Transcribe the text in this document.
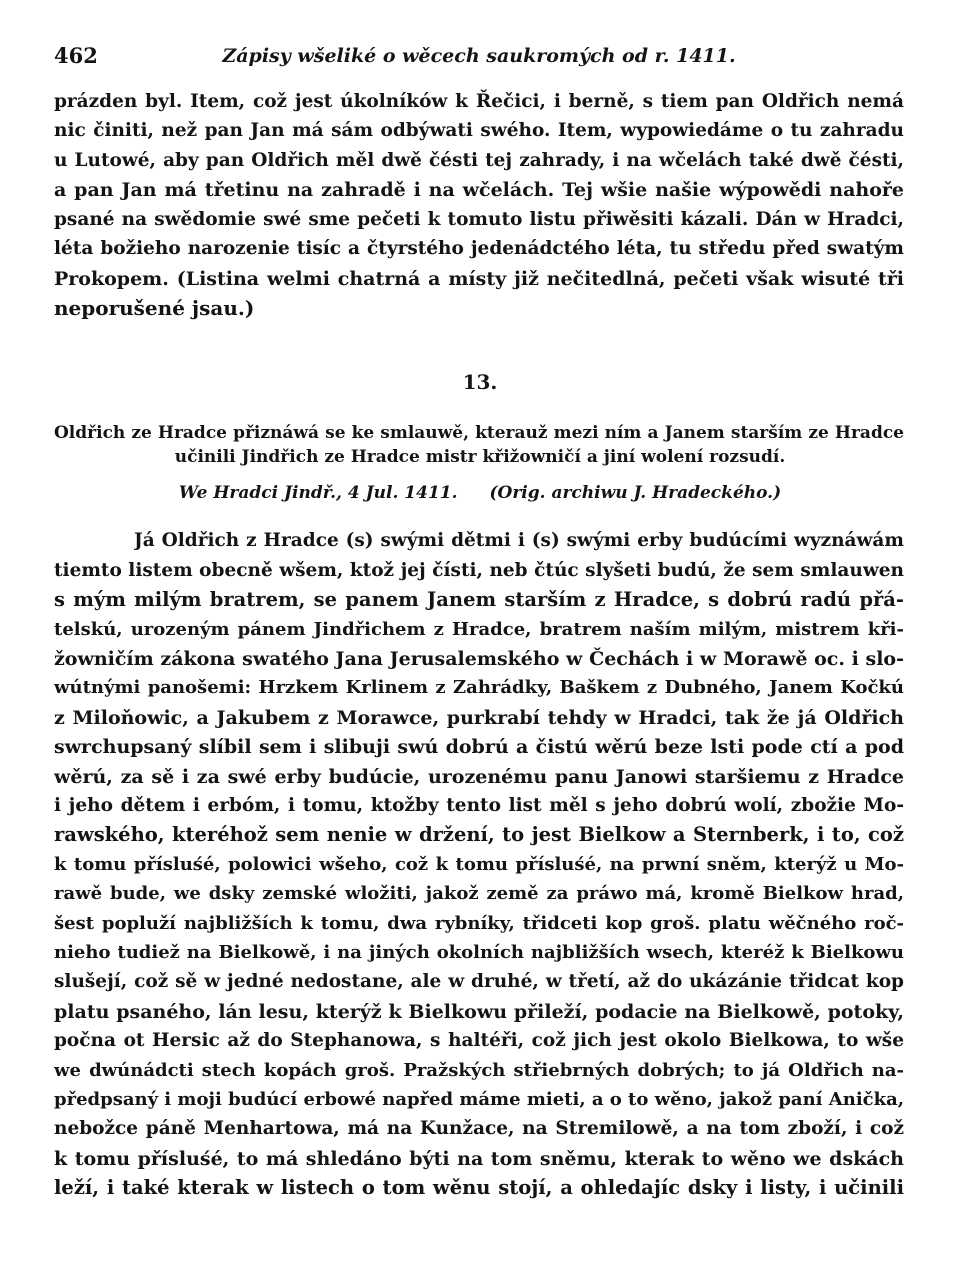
462	Zápisy wšeliké o wěcech saukromých od r. 1411.
prázden byl. Item, což jest úkolníków k Řečici, i berně, s tiem pan Oldřich nemá
nic činiti, než pan Jan má sám odbýwati swého. Item, wypowiedáme o tu zahradu
u Lutowé, aby pan Oldřich měl dwě čésti tej zahrady, i na wčelách také dwě čésti,
a pan Jan má třetinu na zahradě i na wčelách. Tej wšie našie wýpowědi nahoře
psané na swědomie swé sme pečeti k tomuto listu přiwěsiti kázali. Dán w Hradci,
léta božieho narozenie tisíc a čtyrstého jedenádctého léta, tu středu před swatým
Prokopem. (Listina welmi chatrná a místy již nečitedlná, pečeti však wisuté tři
neporušené jsau.)
13.
Oldřich ze Hradce přiznáwá se ke smlauwě, kterauž mezi ním a Janem starším ze Hradce
učinili Jindřich ze Hradce mistr křižowničí a jiní wolení rozsudí.
We Hradci Jindř., 4 Jul. 1411. (Orig. archiwu J. Hradeckého.)
Já Oldřich z Hradce (s) swými dětmi i (s) swými erby budúcími wyznáwám
tiemto listem obecně wšem, ktož jej čísti, neb čtúc slyšeti budú, že sem smlauwen
s mým milým bratrem, se panem Janem starším z Hradce, s dobrú radú přá-
telskú, urozeným pánem Jindřichem z Hradce, bratrem naším milým, mistrem kři-
žowničím zákona swatého Jana Jerusalemského w Čechách i w Morawě oc. i slo-
wútnými panošemi: Hrzkem Krlinem z Zahrádky, Baškem z Dubného, Janem Kočkú
z Miloňowic, a Jakubem z Morawce, purkrabí tehdy w Hradci, tak že já Oldřich
swrchupsaný slíbil sem i slibuji swú dobrú a čistú wěrú beze lsti pode ctí a pod
wěrú, za sě i za swé erby budúcie, urozenému panu Janowi staršiemu z Hradce
i jeho dětem i erbóm, i tomu, ktožby tento list měl s jeho dobrú wolí, zbožie Mo-
rawského, kteréhož sem nenie w držení, to jest Bielkow a Sternberk, i to, což
k tomu přísluśé, polowici wšeho, což k tomu přísluśé, na prwní sněm, kterýž u Mo-
rawě bude, we dsky zemské wložiti, jakož země za práwo má, kromě Bielkow hrad,
šest popluží najbližších k tomu, dwa rybníky, třidceti kop groš. platu wěčného roč-
nieho tudiež na Bielkowě, i na jiných okolních najbližších wsech, kteréž k Bielkowu
slušejí, což sě w jedné nedostane, ale w druhé, w třetí, až do ukázánie třidcat kop
platu psaného, lán lesu, kterýž k Bielkowu přileží, podacie na Bielkowě, potoky,
počna ot Hersic až do Stephanowa, s haltéři, což jich jest okolo Bielkowa, to wše
we dwúnádcti stech kopách groš. Pražských střiebrných dobrých; to já Oldřich na-
předpsaný i moji budúcí erbowé napřed máme mieti, a o to wěno, jakož paní Anička,
nebožce páně Menhartowa, má na Kunžace, na Stremilowě, a na tom zboží, i což
k tomu přísluśé, to má shledáno býti na tom sněmu, kterak to wěno we dskách
leží, i také kterak w listech o tom wěnu stojí, a ohledajíc dsky i listy, i učinili
